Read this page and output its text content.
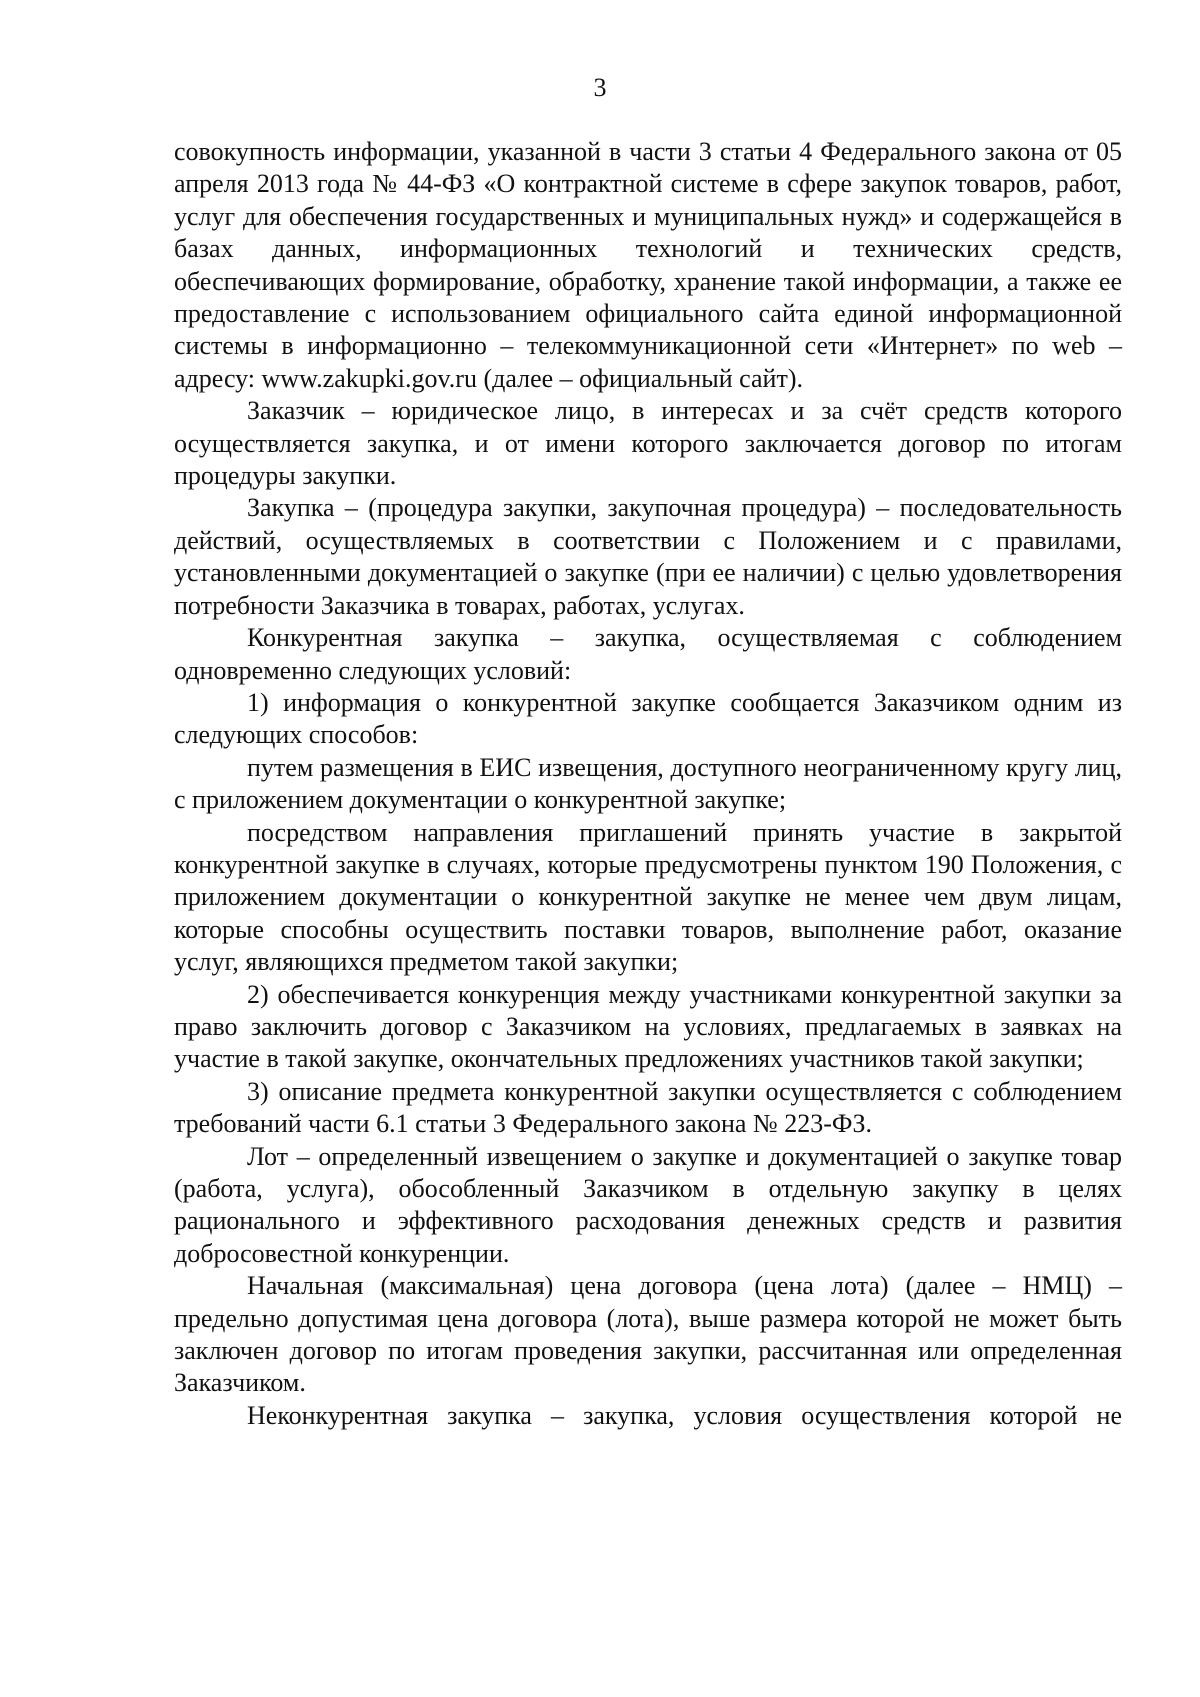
3

совокупность информации, указанной в части 3 статьи 4 Федерального закона от 05 апреля 2013 года № 44-ФЗ «О контрактной системе в сфере закупок товаров, работ, услуг для обеспечения государственных и муниципальных нужд» и содержащейся в базах данных, информационных технологий и технических средств, обеспечивающих формирование, обработку, хранение такой информации, а также ее предоставление с использованием официального сайта единой информационной системы в информационно – телекоммуникационной сети «Интернет» по web – адресу: www.zakupki.gov.ru (далее – официальный сайт).

Заказчик – юридическое лицо, в интересах и за счёт средств которого осуществляется закупка, и от имени которого заключается договор по итогам процедуры закупки.

Закупка – (процедура закупки, закупочная процедура) – последовательность действий, осуществляемых в соответствии с Положением и с правилами, установленными документацией о закупке (при ее наличии) с целью удовлетворения потребности Заказчика в товарах, работах, услугах.

Конкурентная закупка – закупка, осуществляемая с соблюдением одновременно следующих условий:

1) информация о конкурентной закупке сообщается Заказчиком одним из следующих способов:

путем размещения в ЕИС извещения, доступного неограниченному кругу лиц, с приложением документации о конкурентной закупке;

посредством направления приглашений принять участие в закрытой конкурентной закупке в случаях, которые предусмотрены пунктом 190 Положения, с приложением документации о конкурентной закупке не менее чем двум лицам, которые способны осуществить поставки товаров, выполнение работ, оказание услуг, являющихся предметом такой закупки;

2) обеспечивается конкуренция между участниками конкурентной закупки за право заключить договор с Заказчиком на условиях, предлагаемых в заявках на участие в такой закупке, окончательных предложениях участников такой закупки;

3) описание предмета конкурентной закупки осуществляется с соблюдением требований части 6.1 статьи 3 Федерального закона № 223-ФЗ.

Лот – определенный извещением о закупке и документацией о закупке товар (работа, услуга), обособленный Заказчиком в отдельную закупку в целях рационального и эффективного расходования денежных средств и развития добросовестной конкуренции.

Начальная (максимальная) цена договора (цена лота) (далее – НМЦ) – предельно допустимая цена договора (лота), выше размера которой не может быть заключен договор по итогам проведения закупки, рассчитанная или определенная Заказчиком.

Неконкурентная закупка – закупка, условия осуществления которой не
